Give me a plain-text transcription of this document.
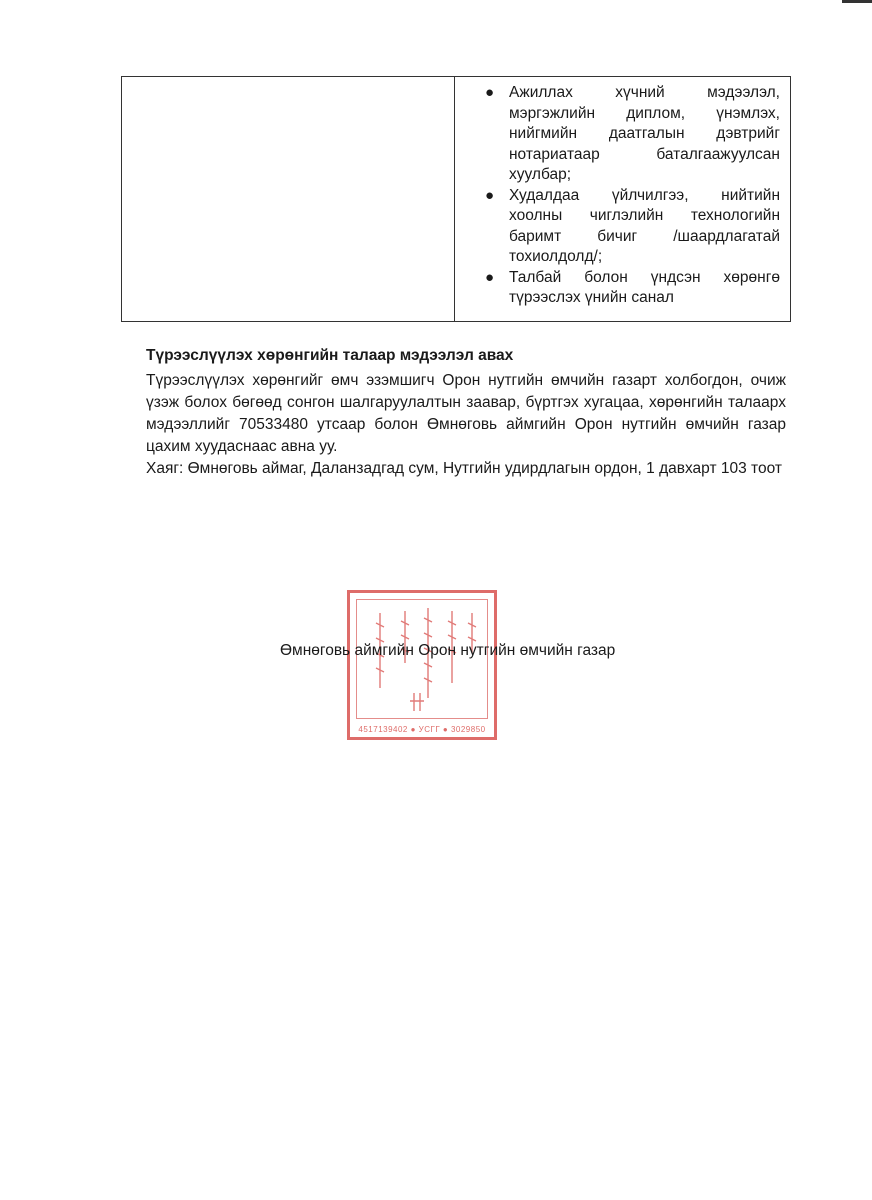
● Ажиллах хүчний мэдээлэл, мэргэжлийн диплом, үнэмлэх, нийгмийн даатгалын дэвтрийг нотариатаар баталгаажуулсан хуулбар;
● Худалдаа үйлчилгээ, нийтийн хоолны чиглэлийн технологийн баримт бичиг /шаардлагатай тохиолдолд/;
● Талбай болон үндсэн хөрөнгө түрээслэх үнийн санал
Түрээслүүлэх хөрөнгийн талаар мэдээлэл авах

Түрээслүүлэх хөрөнгийг өмч эзэмшигч Орон нутгийн өмчийн газарт холбогдон, очиж үзэж болох бөгөөд сонгон шалгаруулалтын заавар, бүртгэх хугацаа, хөрөнгийн талаарх мэдээллийг 70533480 утсаар болон Өмнөговь аймгийн Орон нутгийн өмчийн газар цахим хуудаснаас авна уу.

Хаяг: Өмнөговь аймаг, Даланзадгад сум, Нутгийн удирдлагын ордон, 1 давхарт 103 тоот

4517139402 ● УСГГ ● 3029850
Өмнөговь аймгийн Орон нутгийн өмчийн газар
